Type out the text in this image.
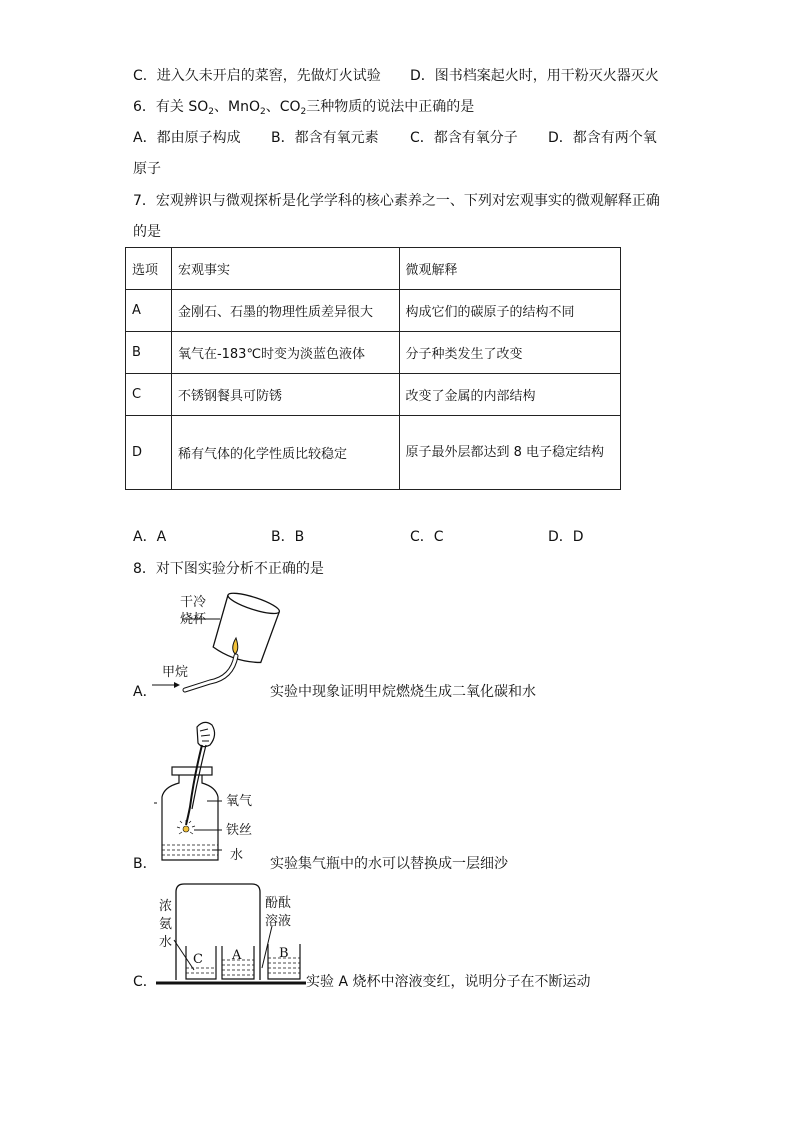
C．进入久未开启的菜窖，先做灯火试验 D．图书档案起火时，用干粉灭火器灭火
6．有关 $SO_2$、MnO$_2$、$CO_2$三种物质的说法中正确的是
A．都由原子构成 B．都含有氧元素 C．都含有氧分子 D．都含有两个氧
原子
7．宏观辨识与微观探析是化学学科的核心素养之一、下列对宏观事实的微观解释正确
的是
选项	宏观事实	微观解释
A	金刚石、石墨的物理性质差异很大	构成它们的碳原子的结构不同
B	氧气在-183℃时变为淡蓝色液体	分子种类发生了改变
C	不锈钢餐具可防锈	改变了金属的内部结构
D	稀有气体的化学性质比较稳定	原子最外层都达到 8 电子稳定结构
A．A	B．B	C．C	D．D
8．对下图实验分析不正确的是
干冷
烧杯
甲烷
A．	实验中现象证明甲烷燃烧生成二氧化碳和水
氧气
铁丝
水
B．	实验集气瓶中的水可以替换成一层细沙
浓
氨
水
酚酞
溶液
C A	B
C．	实验 A 烧杯中溶液变红，说明分子在不断运动
